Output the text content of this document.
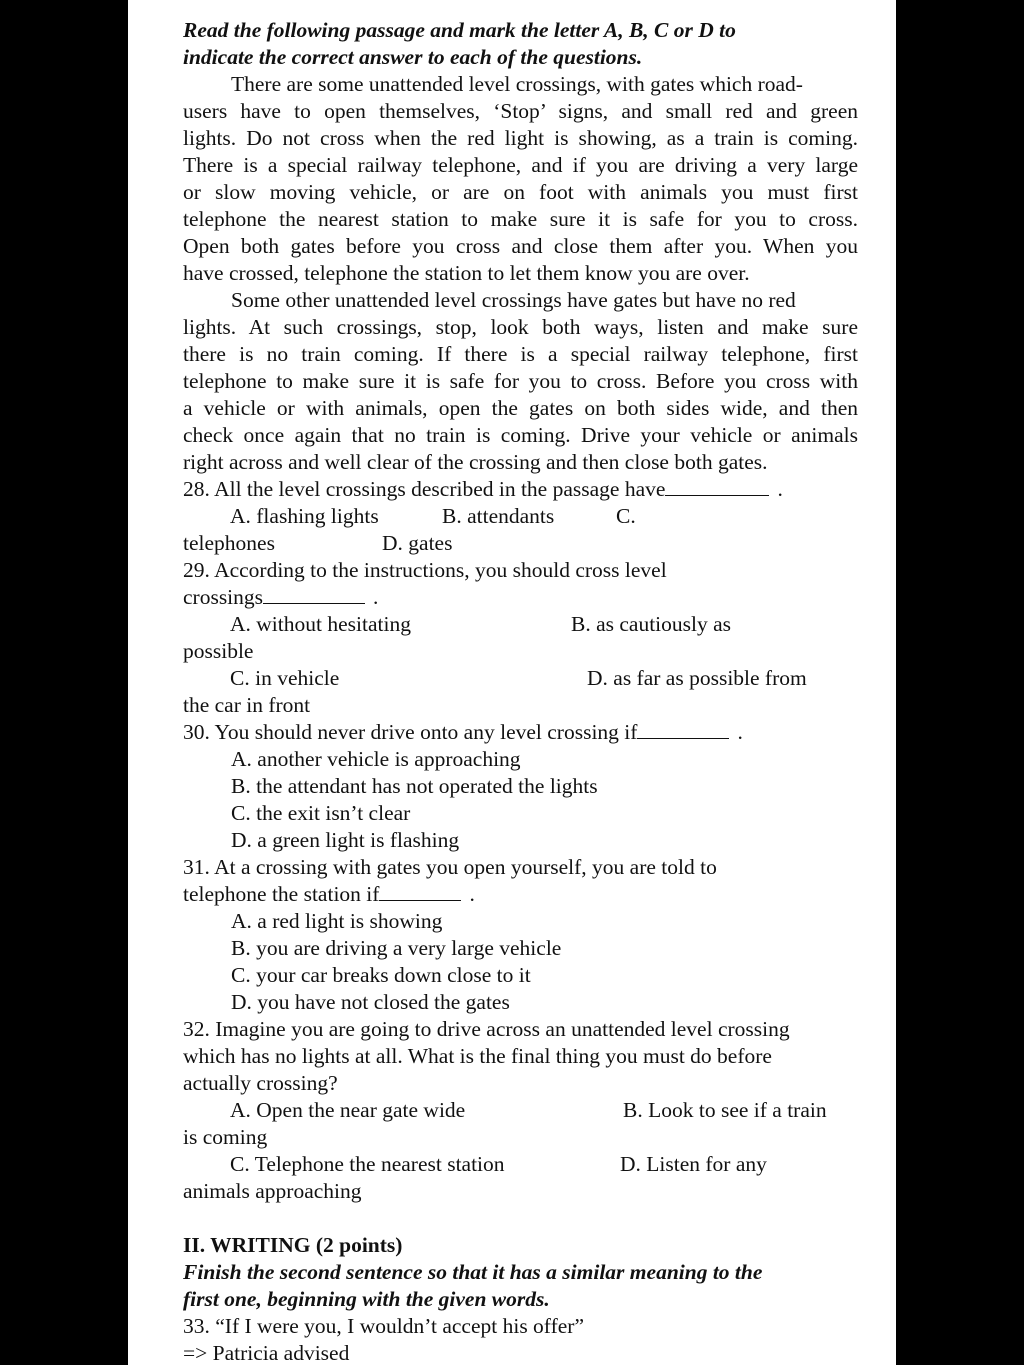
Read the following passage and mark the letter A, B, C or D to
indicate the correct answer to each of the questions.
There are some unattended level crossings, with gates which road-
users have to open themselves, ‘Stop’ signs, and small red and green
lights. Do not cross when the red light is showing, as a train is coming.
There is a special railway telephone, and if you are driving a very large
or slow moving vehicle, or are on foot with animals you must first
telephone the nearest station to make sure it is safe for you to cross.
Open both gates before you cross and close them after you. When you
have crossed, telephone the station to let them know you are over.
Some other unattended level crossings have gates but have no red
lights. At such crossings, stop, look both ways, listen and make sure
there is no train coming. If there is a special railway telephone, first
telephone to make sure it is safe for you to cross. Before you cross with
a vehicle or with animals, open the gates on both sides wide, and then
check once again that no train is coming. Drive your vehicle or animals
right across and well clear of the crossing and then close both gates.
28. All the level crossings described in the passage have	.
A. flashing lights	B. attendants	C.
telephones	D. gates
29. According to the instructions, you should cross level
crossings	.
A. without hesitating	B. as cautiously as
possible
C. in vehicle	D. as far as possible from
the car in front
30. You should never drive onto any level crossing if	.
A. another vehicle is approaching
B. the attendant has not operated the lights
C. the exit isn’t clear
D. a green light is flashing
31. At a crossing with gates you open yourself, you are told to
telephone the station if	.
A. a red light is showing
B. you are driving a very large vehicle
C. your car breaks down close to it
D. you have not closed the gates
32. Imagine you are going to drive across an unattended level crossing
which has no lights at all. What is the final thing you must do before
actually crossing?
A. Open the near gate wide	B. Look to see if a train
is coming
C. Telephone the nearest station	D. Listen for any
animals approaching
II. WRITING (2 points)
Finish the second sentence so that it has a similar meaning to the
first one, beginning with the given words.
33. “If I were you, I wouldn’t accept his offer”
=> Patricia advised
